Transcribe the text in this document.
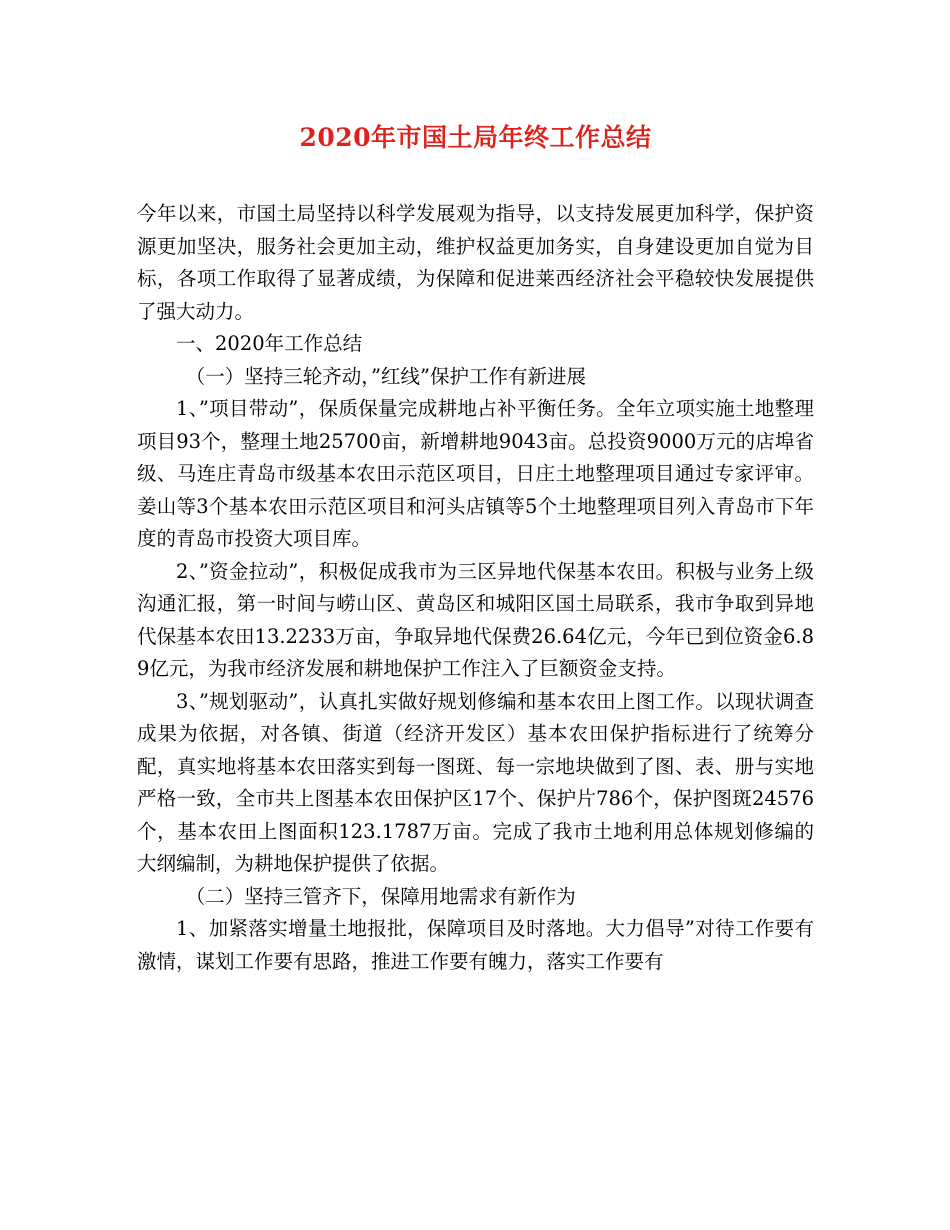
2020年市国土局年终工作总结

今年以来，市国土局坚持以科学发展观为指导，以支持发展更加科学，保护资源更加坚决，服务社会更加主动，维护权益更加务实，自身建设更加自觉为目标，各项工作取得了显著成绩，为保障和促进莱西经济社会平稳较快发展提供了强大动力。

一、2020年工作总结

（一）坚持三轮齐动，”红线”保护工作有新进展

1、”项目带动”，保质保量完成耕地占补平衡任务。全年立项实施土地整理项目93个，整理土地25700亩，新增耕地9043亩。总投资9000万元的店埠省级、马连庄青岛市级基本农田示范区项目，日庄土地整理项目通过专家评审。姜山等3个基本农田示范区项目和河头店镇等5个土地整理项目列入青岛市下年度的青岛市投资大项目库。

2、”资金拉动”，积极促成我市为三区异地代保基本农田。积极与业务上级沟通汇报，第一时间与崂山区、黄岛区和城阳区国土局联系，我市争取到异地代保基本农田13.2233万亩，争取异地代保费26.64亿元，今年已到位资金6.89亿元，为我市经济发展和耕地保护工作注入了巨额资金支持。

3、”规划驱动”，认真扎实做好规划修编和基本农田上图工作。以现状调查成果为依据，对各镇、街道（经济开发区）基本农田保护指标进行了统筹分配，真实地将基本农田落实到每一图斑、每一宗地块做到了图、表、册与实地严格一致，全市共上图基本农田保护区17个、保护片786个，保护图斑24576个，基本农田上图面积123.1787万亩。完成了我市土地利用总体规划修编的大纲编制，为耕地保护提供了依据。

（二）坚持三管齐下，保障用地需求有新作为

1、加紧落实增量土地报批，保障项目及时落地。大力倡导”对待工作要有激情，谋划工作要有思路，推进工作要有魄力，落实工作要有
